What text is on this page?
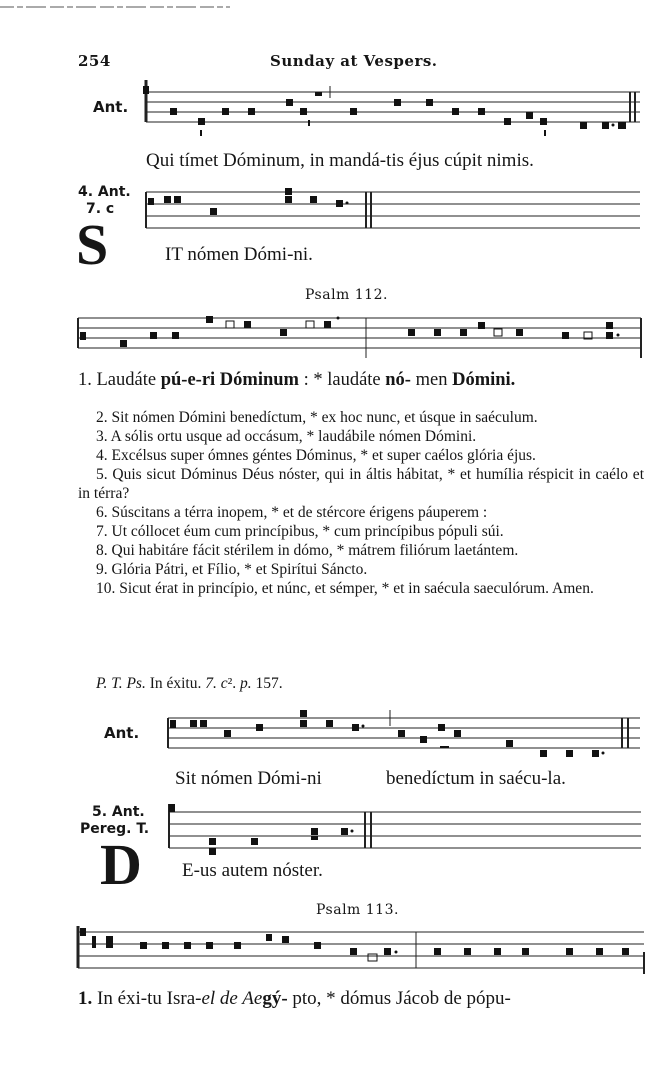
254	Sunday at Vespers.
Ant.
Qui tímet Dóminum, in mandá-tis éjus cúpit nimis.
4. Ant.
7. c
S	IT nómen Dómi-ni.
Psalm 112.
1. Laudáte pú-e-ri Dóminum : * laudáte nó- men Dómini.

2. Sit nómen Dómini benedíctum, * ex hoc nunc, et úsque in saéculum.

3. A sólis ortu usque ad occásum, * laudábile nómen Dómini.

4. Excélsus super ómnes géntes Dóminus, * et super caélos glória éjus.

5. Quis sicut Dóminus Déus nóster, qui in áltis hábitat, * et humília réspicit in caélo et in térra?

6. Súscitans a térra inopem, * et de stércore érigens páuperem :

7. Ut cóllocet éum cum princípibus, * cum princípibus pópuli súi.

8. Qui habitáre fácit stérilem in dómo, * mátrem filiórum laetántem.

9. Glória Pátri, et Fílio, * et Spirítui Sáncto.

10. Sicut érat in princípio, et núnc, et sémper, * et in saécula saeculórum. Amen.

P. T. Ps. In éxitu. 7. c². p. 157.
Ant.
Sit nómen Dómi-ni	benedíctum in saécu-la.
5. Ant.
Pereg. T.
D E-us autem nóster.
Psalm 113.
1. In éxi-tu Isra-el de Aegý- pto, * dómus Jácob de pópu-
